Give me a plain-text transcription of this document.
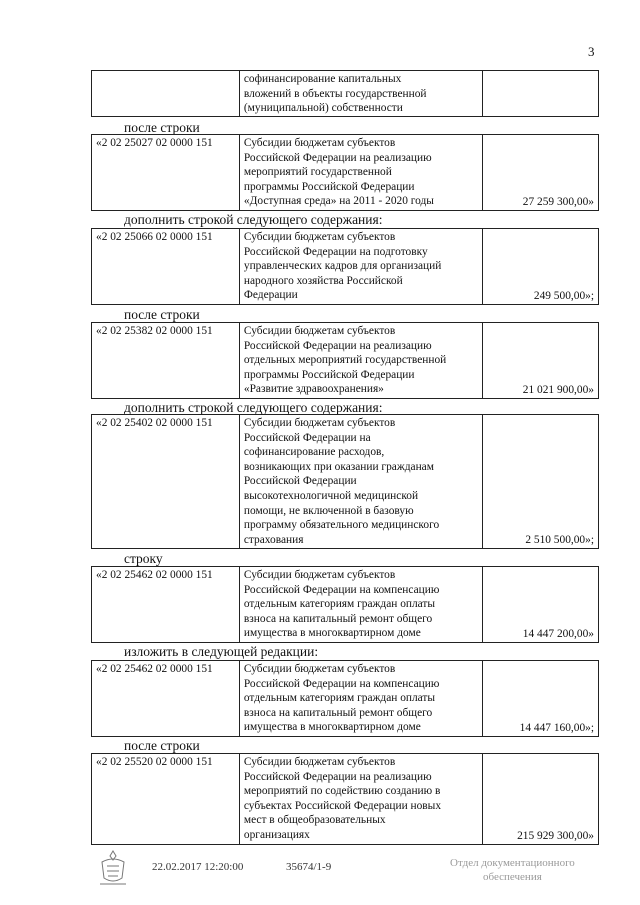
3

софинансирование капитальных
вложений в объекты государственной
(муниципальной) собственности

после строки
«2 02 25027 02 0000 151	Субсидии бюджетам субъектов
Российской Федерации на реализацию
мероприятий государственной
программы Российской Федерации
«Доступная среда» на 2011 - 2020 годы	27 259 300,00»
дополнить строкой следующего содержания:
«2 02 25066 02 0000 151	Субсидии бюджетам субъектов
Российской Федерации на подготовку
управленческих кадров для организаций
народного хозяйства Российской
Федерации	249 500,00»;
после строки
«2 02 25382 02 0000 151	Субсидии бюджетам субъектов
Российской Федерации на реализацию
отдельных мероприятий государственной
программы Российской Федерации
«Развитие здравоохранения»	21 021 900,00»
дополнить строкой следующего содержания:
«2 02 25402 02 0000 151	Субсидии бюджетам субъектов
Российской Федерации на
софинансирование расходов,
возникающих при оказании гражданам
Российской Федерации
высокотехнологичной медицинской
помощи, не включенной в базовую
программу обязательного медицинского
страхования	2 510 500,00»;
строку
«2 02 25462 02 0000 151	Субсидии бюджетам субъектов
Российской Федерации на компенсацию
отдельным категориям граждан оплаты
взноса на капитальный ремонт общего
имущества в многоквартирном доме	14 447 200,00»
изложить в следующей редакции:
«2 02 25462 02 0000 151	Субсидии бюджетам субъектов
Российской Федерации на компенсацию
отдельным категориям граждан оплаты
взноса на капитальный ремонт общего
имущества в многоквартирном доме	14 447 160,00»;
после строки
«2 02 25520 02 0000 151	Субсидии бюджетам субъектов
Российской Федерации на реализацию
мероприятий по содействию созданию в
субъектах Российской Федерации новых
мест в общеобразовательных
организациях	215 929 300,00»
22.02.2017 12:20:00	35674/1-9	Отдел документационного
обеспечения
